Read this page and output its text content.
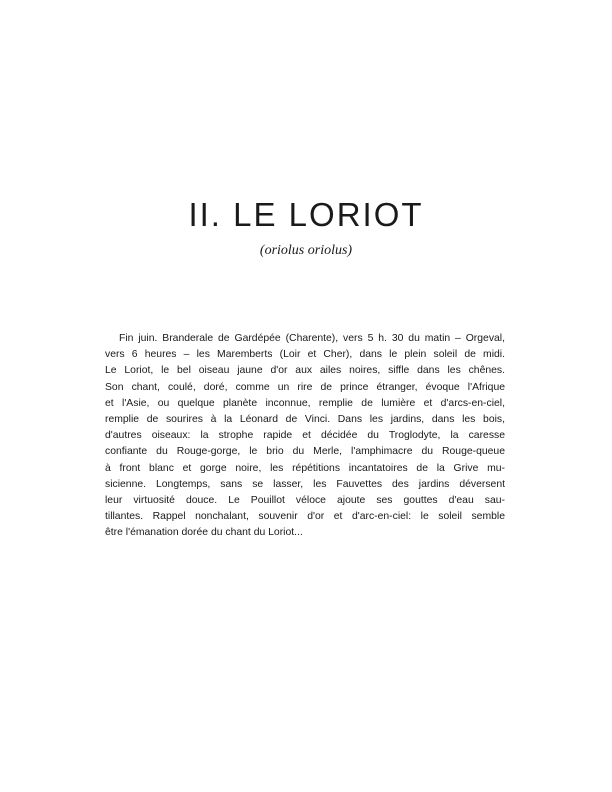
II. LE LORIOT

(oriolus oriolus)

Fin juin. Branderale de Gardépée (Charente), vers 5 h. 30 du matin – Orgeval,
vers 6 heures – les Maremberts (Loir et Cher), dans le plein soleil de midi.
Le Loriot, le bel oiseau jaune d'or aux ailes noires, siffle dans les chênes.
Son chant, coulé, doré, comme un rire de prince étranger, évoque l'Afrique
et l'Asie, ou quelque planète inconnue, remplie de lumière et d'arcs-en-ciel,
remplie de sourires à la Léonard de Vinci. Dans les jardins, dans les bois,
d'autres oiseaux: la strophe rapide et décidée du Troglodyte, la caresse
confiante du Rouge-gorge, le brio du Merle, l'amphimacre du Rouge-queue
à front blanc et gorge noire, les répétitions incantatoires de la Grive mu-
sicienne. Longtemps, sans se lasser, les Fauvettes des jardins déversent
leur virtuosité douce. Le Pouillot véloce ajoute ses gouttes d'eau sau-
tillantes. Rappel nonchalant, souvenir d'or et d'arc-en-ciel: le soleil semble
être l'émanation dorée du chant du Loriot...
